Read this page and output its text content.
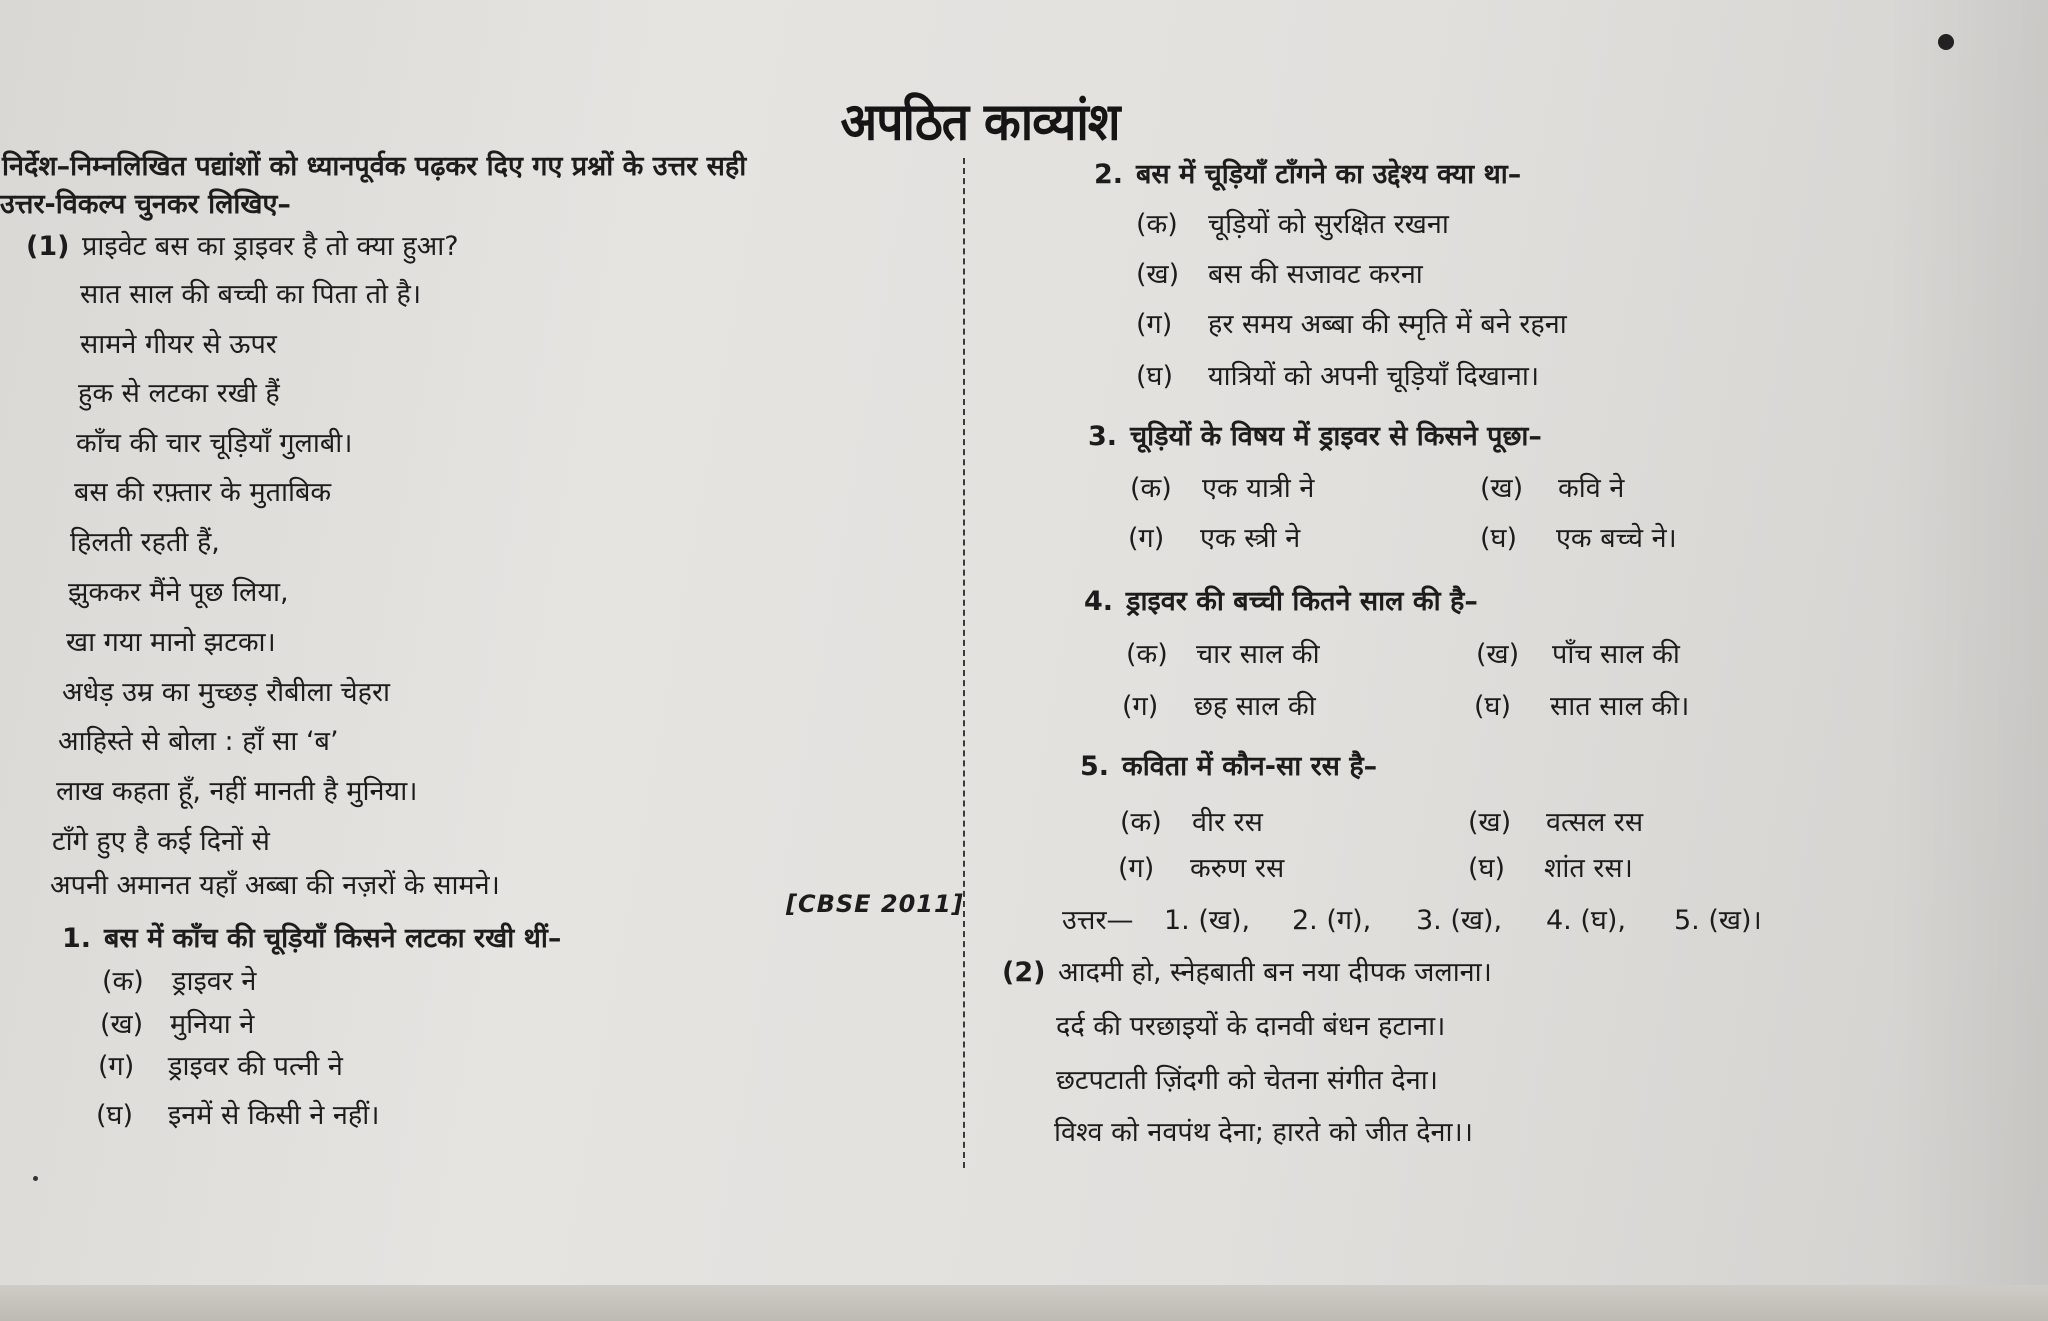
अपठित काव्यांश
निर्देश–निम्नलिखित पद्यांशों को ध्यानपूर्वक पढ़कर दिए गए प्रश्नों के उत्तर सही
उत्तर-विकल्प चुनकर लिखिए–
(1) प्राइवेट बस का ड्राइवर है तो क्या हुआ?
सात साल की बच्ची का पिता तो है।
सामने गीयर से ऊपर
हुक से लटका रखी हैं
काँच की चार चूड़ियाँ गुलाबी।
बस की रफ़्तार के मुताबिक
हिलती रहती हैं,
झुककर मैंने पूछ लिया,
खा गया मानो झटका।
अधेड़ उम्र का मुच्छड़ रौबीला चेहरा
आहिस्ते से बोला : हाँ सा ‘ब’
लाख कहता हूँ, नहीं मानती है मुनिया।
टाँगे हुए है कई दिनों से
अपनी अमानत यहाँ अब्बा की नज़रों के सामने।
[CBSE 2011]
1. बस में काँच की चूड़ियाँ किसने लटका रखी थीं–
(क) ड्राइवर ने
(ख) मुनिया ने
(ग) ड्राइवर की पत्नी ने
(घ) इनमें से किसी ने नहीं।
2. बस में चूड़ियाँ टाँगने का उद्देश्य क्या था–
(क) चूड़ियों को सुरक्षित रखना
(ख) बस की सजावट करना
(ग) हर समय अब्बा की स्मृति में बने रहना
(घ) यात्रियों को अपनी चूड़ियाँ दिखाना।
3. चूड़ियों के विषय में ड्राइवर से किसने पूछा–
(क) एक यात्री ने	(ख) कवि ने
(ग) एक स्त्री ने	(घ) एक बच्चे ने।
4. ड्राइवर की बच्ची कितने साल की है–
(क) चार साल की	(ख) पाँच साल की
(ग) छह साल की	(घ) सात साल की।
5. कविता में कौन-सा रस है–
(क) वीर रस	(ख) वत्सल रस
(ग) करुण रस	(घ) शांत रस।
उत्तर— 1. (ख), 2. (ग), 3. (ख), 4. (घ), 5. (ख)।
(2) आदमी हो, स्नेहबाती बन नया दीपक जलाना।
दर्द की परछाइयों के दानवी बंधन हटाना।
छटपटाती ज़िंदगी को चेतना संगीत देना।
विश्व को नवपंथ देना; हारते को जीत देना।।
